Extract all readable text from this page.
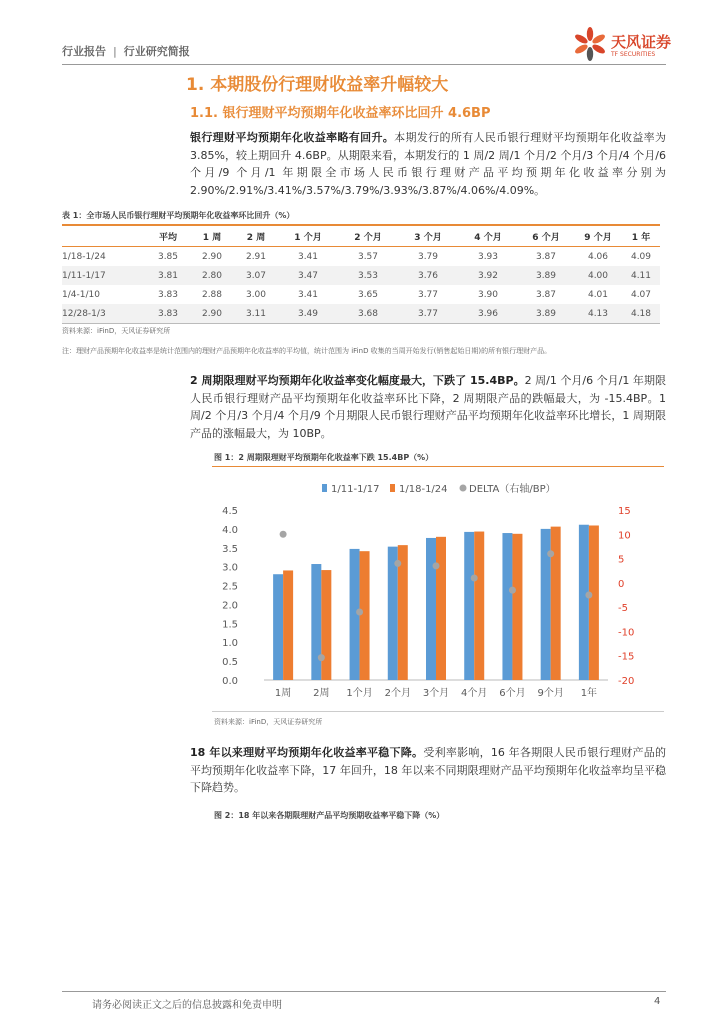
行业报告 | 行业研究简报
天风证券
TF SECURITIES
1. 本期股份行理财收益率升幅较大
1.1. 银行理财平均预期年化收益率环比回升 4.6BP
银行理财平均预期年化收益率略有回升。本期发行的所有人民币银行理财平均预期年化收益率为 3.85%，较上期回升 4.6BP。从期限来看，本期发行的 1 周/2 周/1 个月/2 个月/3 个月/4 个月/6 个月/9 个月/1 年期限全市场人民币银行理财产品平均预期年化收益率分别为 2.90%/2.91%/3.41%/3.57%/3.79%/3.93%/3.87%/4.06%/4.09%。
表 1：全市场人民币银行理财平均预期年化收益率环比回升（%）
	平均	1 周	2 周	1 个月	2 个月	3 个月	4 个月	6 个月	9 个月	1 年
1/18-1/24	3.85	2.90	2.91	3.41	3.57	3.79	3.93	3.87	4.06	4.09
1/11-1/17	3.81	2.80	3.07	3.47	3.53	3.76	3.92	3.89	4.00	4.11
1/4-1/10	3.83	2.88	3.00	3.41	3.65	3.77	3.90	3.87	4.01	4.07
12/28-1/3	3.83	2.90	3.11	3.49	3.68	3.77	3.96	3.89	4.13	4.18
资料来源：iFinD，天风证券研究所
注：理财产品预期年化收益率是统计范围内的理财产品预期年化收益率的平均值，统计范围为 iFinD 收集的当周开始发行(销售起始日期)的所有银行理财产品。
2 周期限理财平均预期年化收益率变化幅度最大，下跌了 15.4BP。2 周/1 个月/6 个月/1 年期限人民币银行理财产品平均预期年化收益率环比下降，2 周期限产品的跌幅最大，为 -15.4BP。1 周/2 个月/3 个月/4 个月/9 个月期限人民币银行理财产品平均预期年化收益率环比增长，1 周期限产品的涨幅最大，为 10BP。
图 1：2 周期限理财平均预期年化收益率下跌 15.4BP（%）
0.0
0.5
1.0
1.5
2.0
2.5
3.0
3.5
4.0
4.5
-20
-15
-10
-5
0
5
10
15
1周 2周 1个月 2个月 3个月 4个月 6个月 9个月 1年
1/11-1/17 1/18-1/24 DELTA（右轴/BP）
资料来源：iFinD，天风证券研究所
18 年以来理财平均预期年化收益率平稳下降。受利率影响，16 年各期限人民币银行理财产品的平均预期年化收益率下降，17 年回升，18 年以来不同期限理财产品平均预期年化收益率均呈平稳下降趋势。
图 2：18 年以来各期限理财产品平均预期收益率平稳下降（%）
请务必阅读正文之后的信息披露和免责申明	4
